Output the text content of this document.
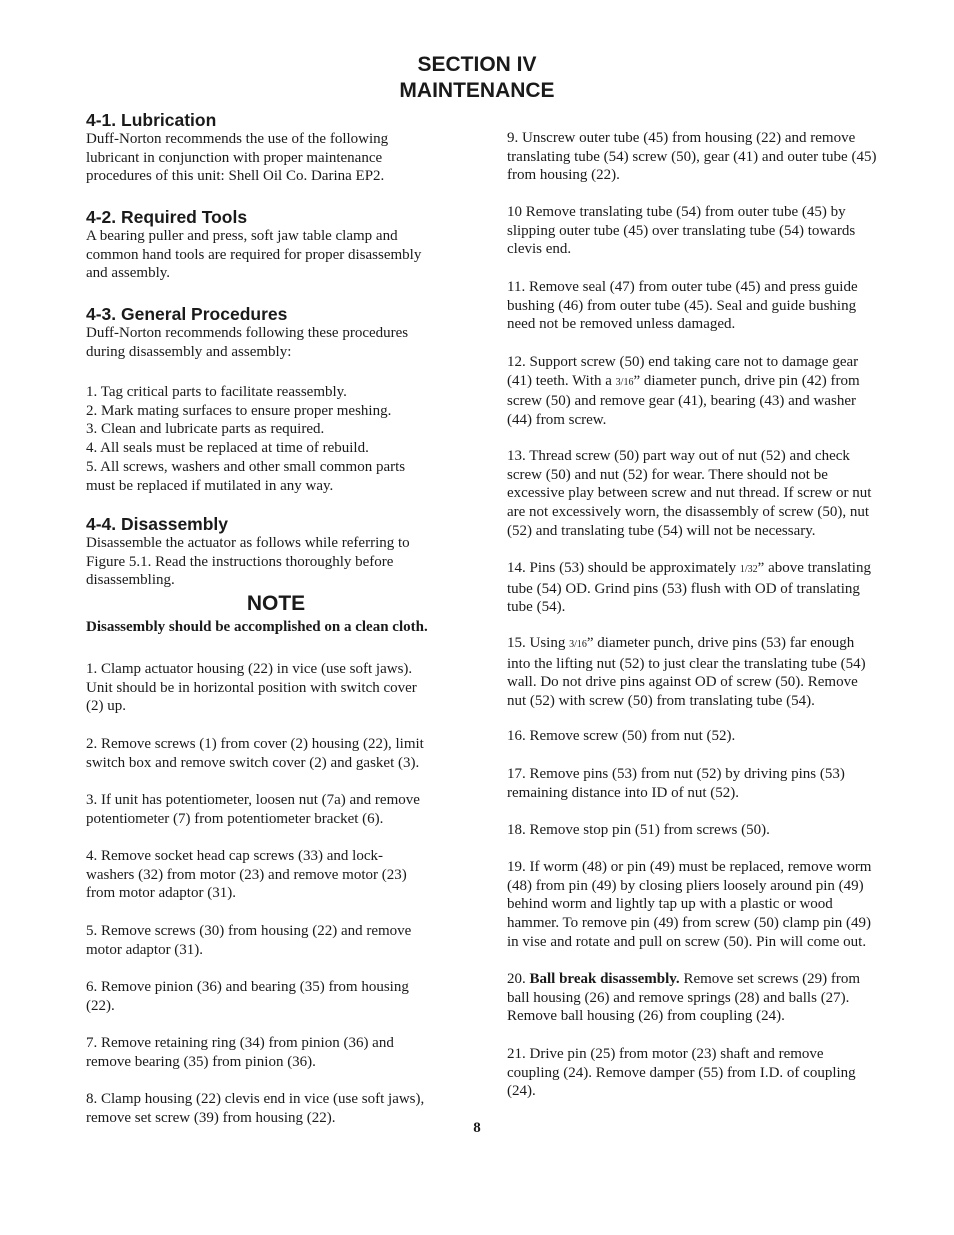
SECTION IV
MAINTENANCE

4-1. Lubrication

Duff-Norton recommends the use of the following

lubricant in conjunction with proper maintenance

procedures of this unit: Shell Oil Co. Darina EP2.

4-2. Required Tools

A bearing puller and press, soft jaw table clamp and

common hand tools are required for proper disassembly

and assembly.

4-3. General Procedures

Duff-Norton recommends following these procedures

during disassembly and assembly:

1. Tag critical parts to facilitate reassembly.

2. Mark mating surfaces to ensure proper meshing.

3. Clean and lubricate parts as required.

4. All seals must be replaced at time of rebuild.

5. All screws, washers and other small common parts

must be replaced if mutilated in any way.

4-4. Disassembly

Disassemble the actuator as follows while referring to

Figure 5.1. Read the instructions thoroughly before

disassembling.

NOTE

Disassembly should be accomplished on a clean cloth.

1. Clamp actuator housing (22) in vice (use soft jaws).

Unit should be in horizontal position with switch cover

(2) up.

2. Remove screws (1) from cover (2) housing (22), limit

switch box and remove switch cover (2) and gasket (3).

3. If unit has potentiometer, loosen nut (7a) and remove

potentiometer (7) from potentiometer bracket (6).

4. Remove socket head cap screws (33) and lock-

washers (32) from motor (23) and remove motor (23)

from motor adaptor (31).

5. Remove screws (30) from housing (22) and remove

motor adaptor (31).

6. Remove pinion (36) and bearing (35) from housing

(22).

7. Remove retaining ring (34) from pinion (36) and

remove bearing (35) from pinion (36).

8. Clamp housing (22) clevis end in vice (use soft jaws),

remove set screw (39) from housing (22).

9. Unscrew outer tube (45) from housing (22) and remove

translating tube (54) screw (50), gear (41) and outer tube (45)

from housing (22).

10 Remove translating tube (54) from outer tube (45) by

slipping outer tube (45) over translating tube (54) towards

clevis end.

11. Remove seal (47) from outer tube (45) and press guide

bushing (46) from outer tube (45). Seal and guide bushing

need not be removed unless damaged.

12. Support screw (50) end taking care not to damage gear

(41) teeth. With a 3/16” diameter punch, drive pin (42) from

screw (50) and remove gear (41), bearing (43) and washer

(44) from screw.

13. Thread screw (50) part way out of nut (52) and check

screw (50) and nut (52) for wear. There should not be

excessive play between screw and nut thread. If screw or nut

are not excessively worn, the disassembly of screw (50), nut

(52) and translating tube (54) will not be necessary.

14. Pins (53) should be approximately 1/32” above translating

tube (54) OD. Grind pins (53) flush with OD of translating

tube (54).

15. Using 3/16” diameter punch, drive pins (53) far enough

into the lifting nut (52) to just clear the translating tube (54)

wall. Do not drive pins against OD of screw (50). Remove

nut (52) with screw (50) from translating tube (54).

16. Remove screw (50) from nut (52).

17. Remove pins (53) from nut (52) by driving pins (53)

remaining distance into ID of nut (52).

18. Remove stop pin (51) from screws (50).

19. If worm (48) or pin (49) must be replaced, remove worm

(48) from pin (49) by closing pliers loosely around pin (49)

behind worm and lightly tap up with a plastic or wood

hammer. To remove pin (49) from screw (50) clamp pin (49)

in vise and rotate and pull on screw (50). Pin will come out.

20. Ball break disassembly. Remove set screws (29) from

ball housing (26) and remove springs (28) and balls (27).

Remove ball housing (26) from coupling (24).

21. Drive pin (25) from motor (23) shaft and remove

coupling (24). Remove damper (55) from I.D. of coupling

(24).

8
